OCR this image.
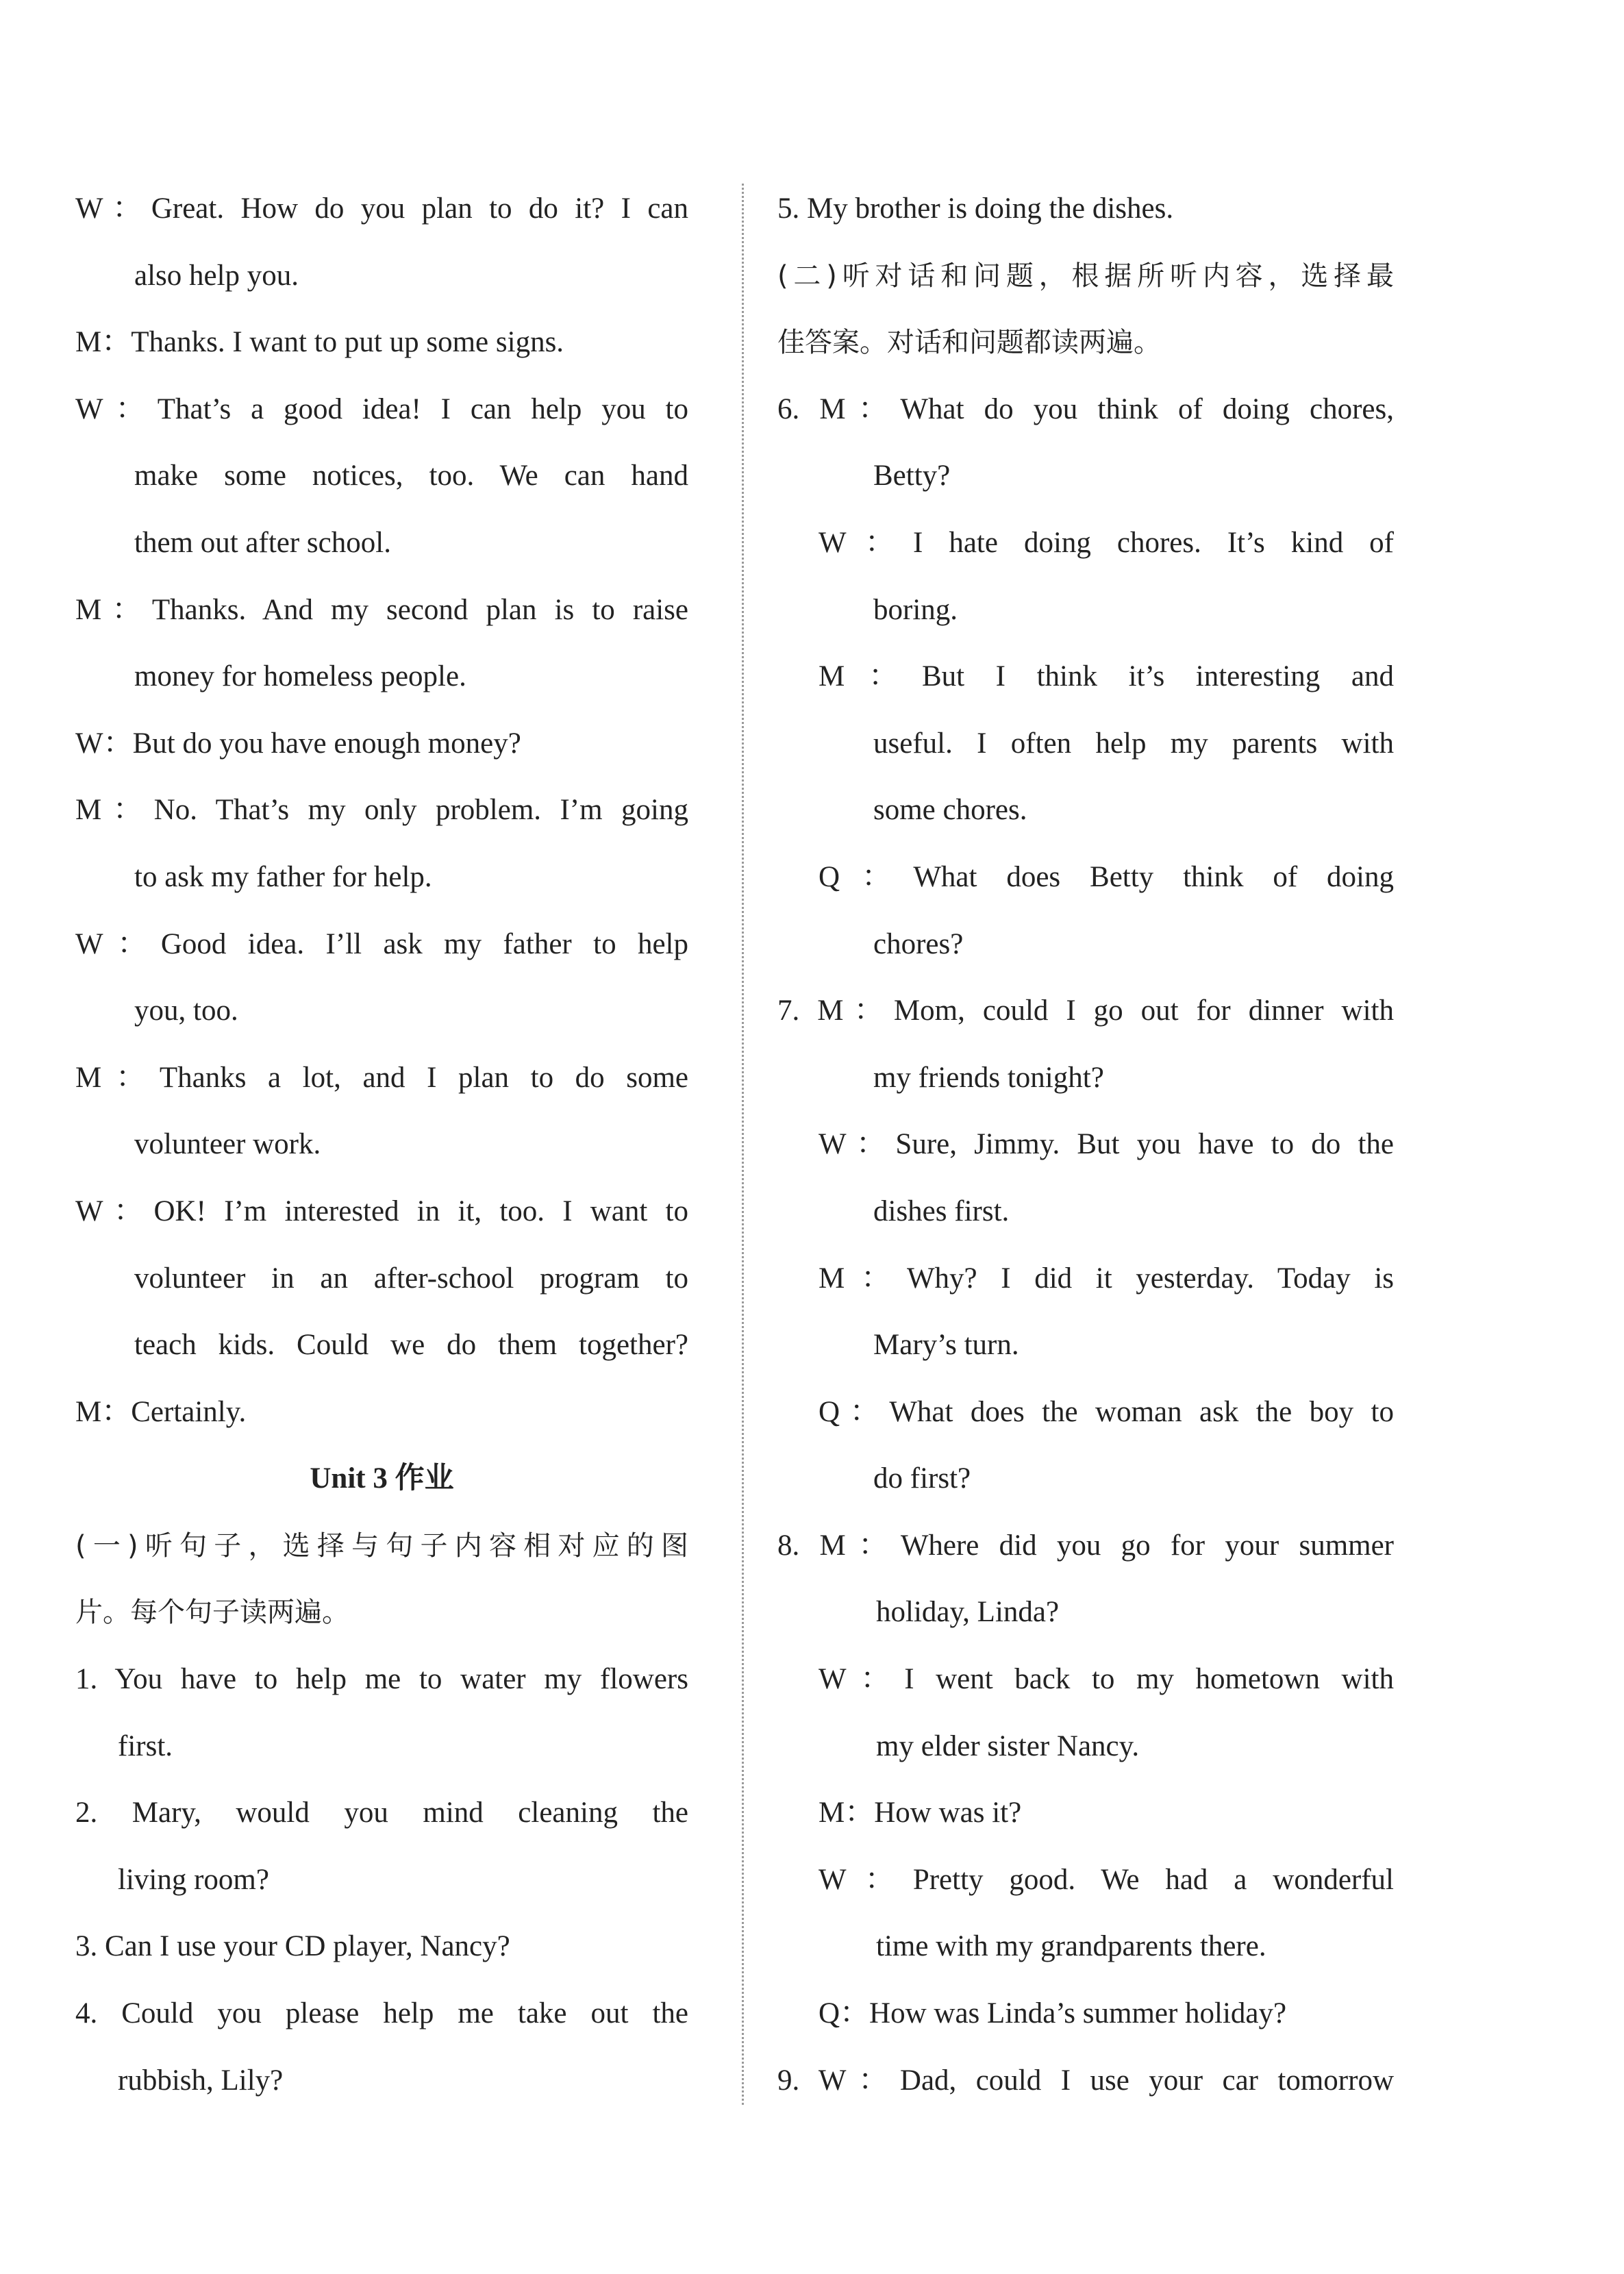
W：Great. How do you plan to do it? I can
also help you.
M：Thanks. I want to put up some signs.
W：That’s a good idea! I can help you to
make some notices, too. We can hand
them out after school.
M：Thanks. And my second plan is to raise
money for homeless people.
W：But do you have enough money?
M：No. That’s my only problem. I’m going
to ask my father for help.
W：Good idea. I’ll ask my father to help
you, too.
M：Thanks a lot, and I plan to do some
volunteer work.
W：OK! I’m interested in it, too. I want to
volunteer in an after-school program to
teach kids. Could we do them together?
M：Certainly.
Unit 3 作业
(一)听句子，选择与句子内容相对应的图
片。每个句子读两遍。
1. You have to help me to water my flowers
first.
2. Mary, would you mind cleaning the
living room?
3. Can I use your CD player, Nancy?
4. Could you please help me take out the
rubbish, Lily?
5. My brother is doing the dishes.
(二)听对话和问题，根据所听内容，选择最
佳答案。对话和问题都读两遍。
6. M：What do you think of doing chores,
Betty?
W：I hate doing chores. It’s kind of
boring.
M：But I think it’s interesting and
useful. I often help my parents with
some chores.
Q：What does Betty think of doing
chores?
7. M：Mom, could I go out for dinner with
my friends tonight?
W：Sure, Jimmy. But you have to do the
dishes first.
M：Why? I did it yesterday. Today is
Mary’s turn.
Q：What does the woman ask the boy to
do first?
8. M：Where did you go for your summer
holiday, Linda?
W：I went back to my hometown with
my elder sister Nancy.
M：How was it?
W：Pretty good. We had a wonderful
time with my grandparents there.
Q：How was Linda’s summer holiday?
9. W：Dad, could I use your car tomorrow
